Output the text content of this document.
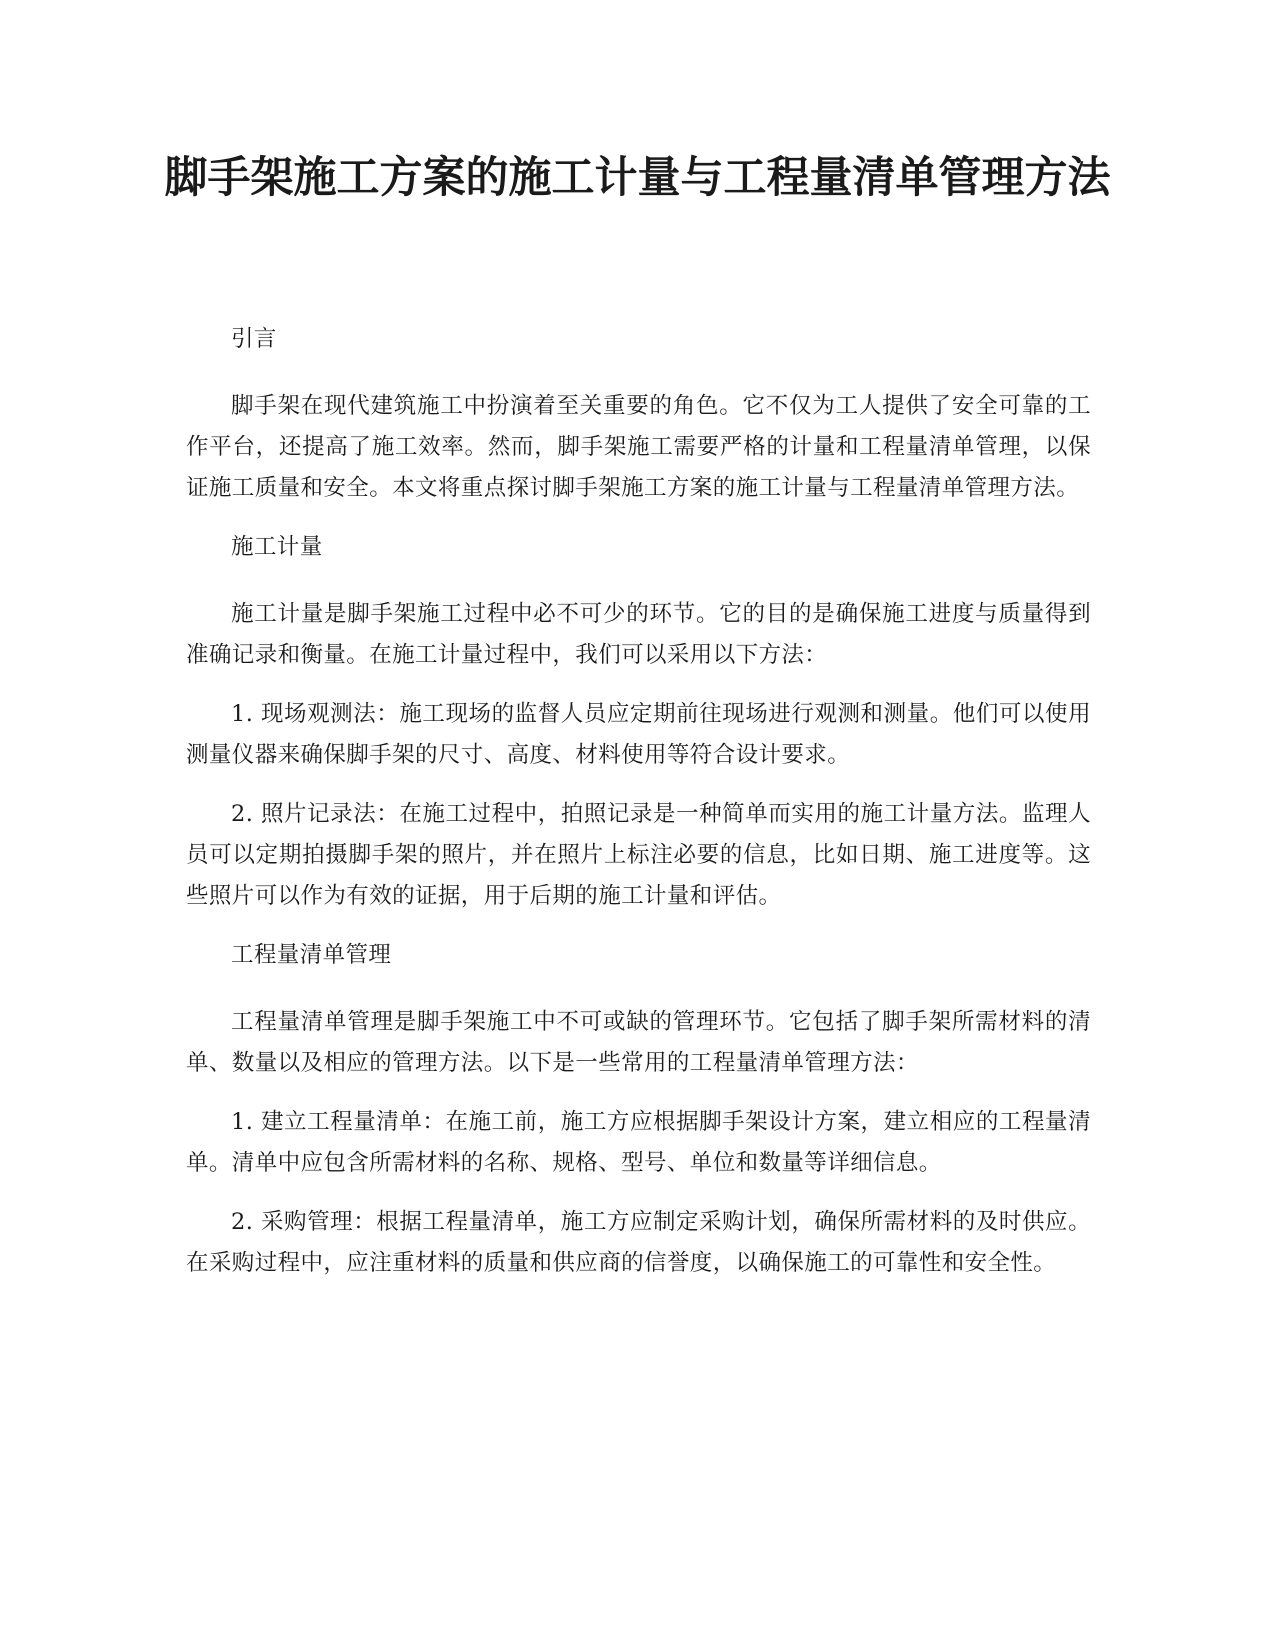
脚手架施工方案的施工计量与工程量清单管理方法

引言

脚手架在现代建筑施工中扮演着至关重要的角色。它不仅为工人提供了安全可靠的工作平台，还提高了施工效率。然而，脚手架施工需要严格的计量和工程量清单管理，以保证施工质量和安全。本文将重点探讨脚手架施工方案的施工计量与工程量清单管理方法。

施工计量

施工计量是脚手架施工过程中必不可少的环节。它的目的是确保施工进度与质量得到准确记录和衡量。在施工计量过程中，我们可以采用以下方法：

1. 现场观测法：施工现场的监督人员应定期前往现场进行观测和测量。他们可以使用测量仪器来确保脚手架的尺寸、高度、材料使用等符合设计要求。

2. 照片记录法：在施工过程中，拍照记录是一种简单而实用的施工计量方法。监理人员可以定期拍摄脚手架的照片，并在照片上标注必要的信息，比如日期、施工进度等。这些照片可以作为有效的证据，用于后期的施工计量和评估。

工程量清单管理

工程量清单管理是脚手架施工中不可或缺的管理环节。它包括了脚手架所需材料的清单、数量以及相应的管理方法。以下是一些常用的工程量清单管理方法：

1. 建立工程量清单：在施工前，施工方应根据脚手架设计方案，建立相应的工程量清单。清单中应包含所需材料的名称、规格、型号、单位和数量等详细信息。

2. 采购管理：根据工程量清单，施工方应制定采购计划，确保所需材料的及时供应。在采购过程中，应注重材料的质量和供应商的信誉度，以确保施工的可靠性和安全性。
